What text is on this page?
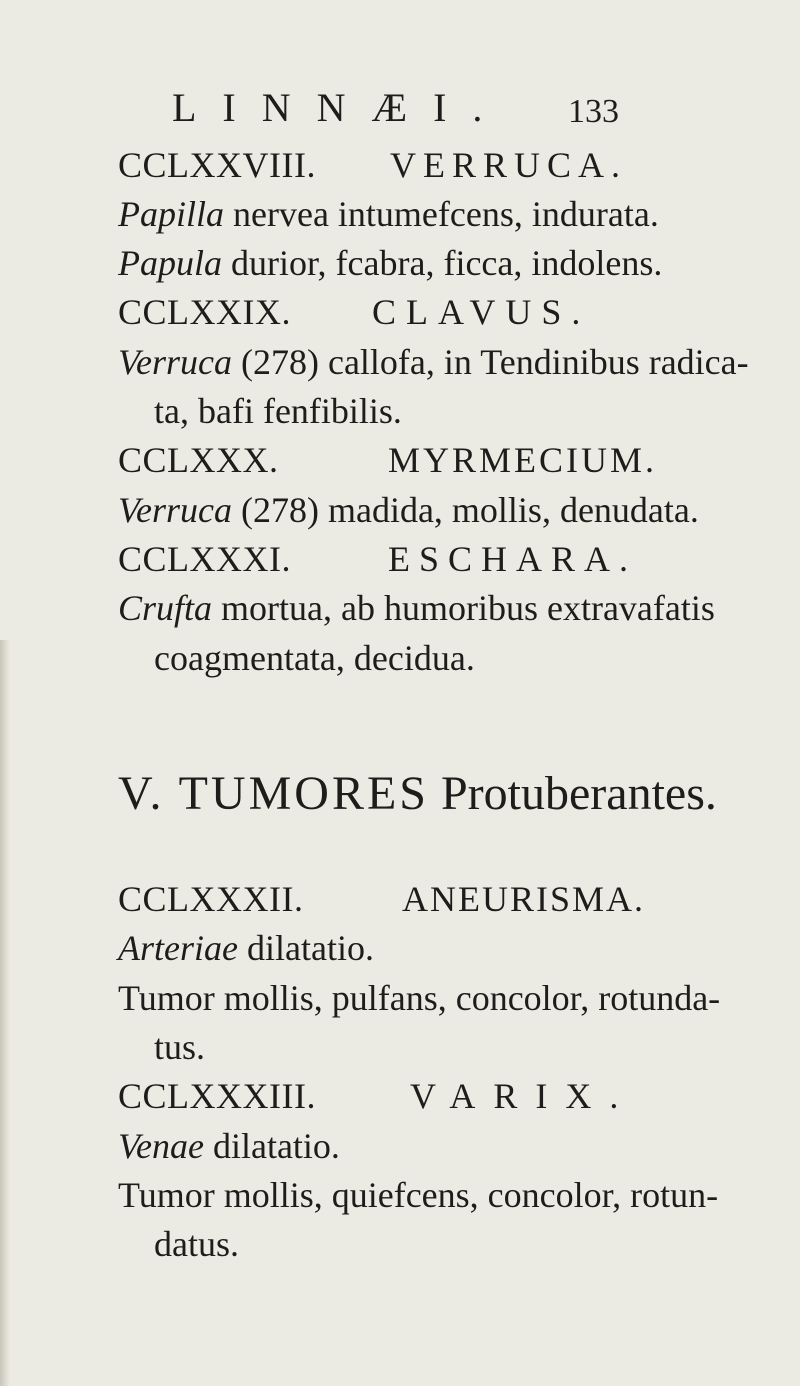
LINNÆI. 133
CCLXXVIII.	VERRUCA.
Papilla nervea intumefcens, indurata.
Papula durior, fcabra, ficca, indolens.
CCLXXIX.	CLAVUS.
Verruca (278) callofa, in Tendinibus radica-
ta, bafi fenfibilis.
CCLXXX.	MYRMECIUM.
Verruca (278) madida, mollis, denudata.
CCLXXXI.	ESCHARA.
Crufta mortua, ab humoribus extravafatis
coagmentata, decidua.
V. TUMORES Protuberantes.
CCLXXXII.	ANEURISMA.
Arteriae dilatatio.
Tumor mollis, pulfans, concolor, rotunda-
tus.
CCLXXXIII.	VARIX.
Venae dilatatio.
Tumor mollis, quiefcens, concolor, rotun-
datus.
